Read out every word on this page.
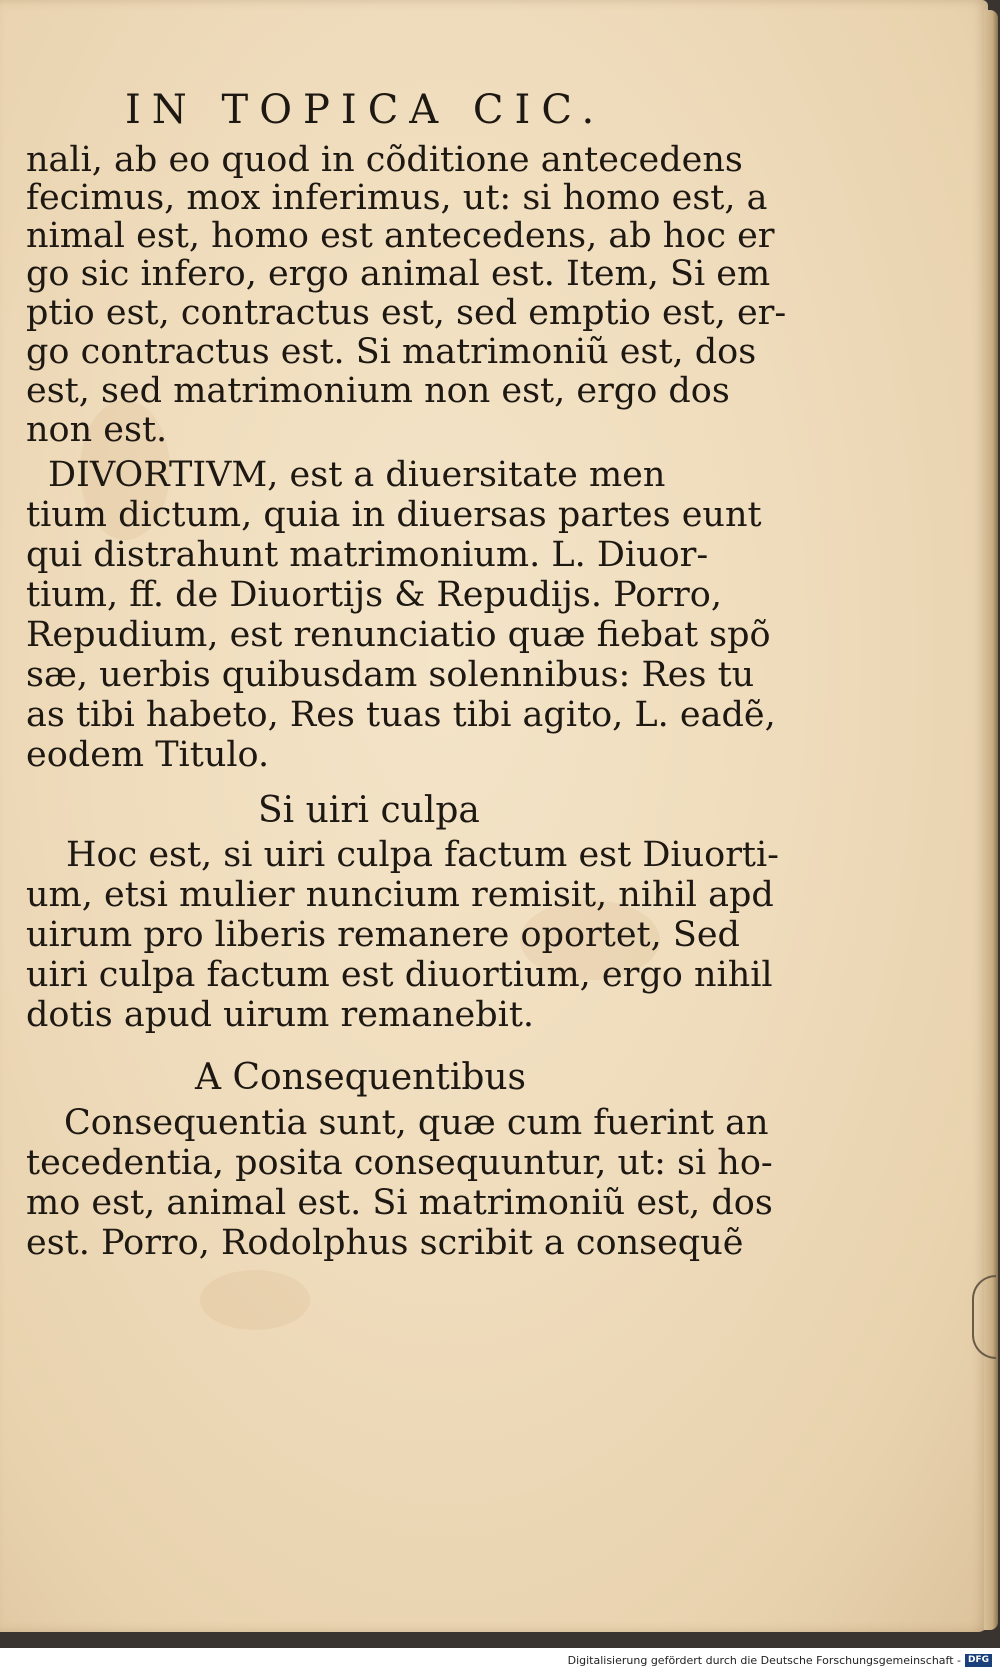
IN TOPICA CIC.
nali, ab eo quod in cõditione antecedens
fecimus, mox inferimus, ut: si homo est, a
nimal est, homo est antecedens, ab hoc er
go sic infero, ergo animal est. Item, Si em
ptio est, contractus est, sed emptio est, er-
go contractus est. Si matrimoniũ est, dos
est, sed matrimonium non est, ergo dos
non est.
DIVORTIVM, est a diuersitate men
tium dictum, quia in diuersas partes eunt
qui distrahunt matrimonium. L. Diuor-
tium, ff. de Diuortijs & Repudijs. Porro,
Repudium, est renunciatio quæ fiebat spõ
sæ, uerbis quibusdam solennibus: Res tu
as tibi habeto, Res tuas tibi agito, L. eadẽ,
eodem Titulo.
Si uiri culpa
Hoc est, si uiri culpa factum est Diuorti-
um, etsi mulier nuncium remisit, nihil apd
uirum pro liberis remanere oportet, Sed
uiri culpa factum est diuortium, ergo nihil
dotis apud uirum remanebit.
A Consequentibus
Consequentia sunt, quæ cum fuerint an
tecedentia, posita consequuntur, ut: si ho-
mo est, animal est. Si matrimoniũ est, dos
est. Porro, Rodolphus scribit a consequẽ
Digitalisierung gefördert durch die Deutsche Forschungsgemeinschaft - DFG
